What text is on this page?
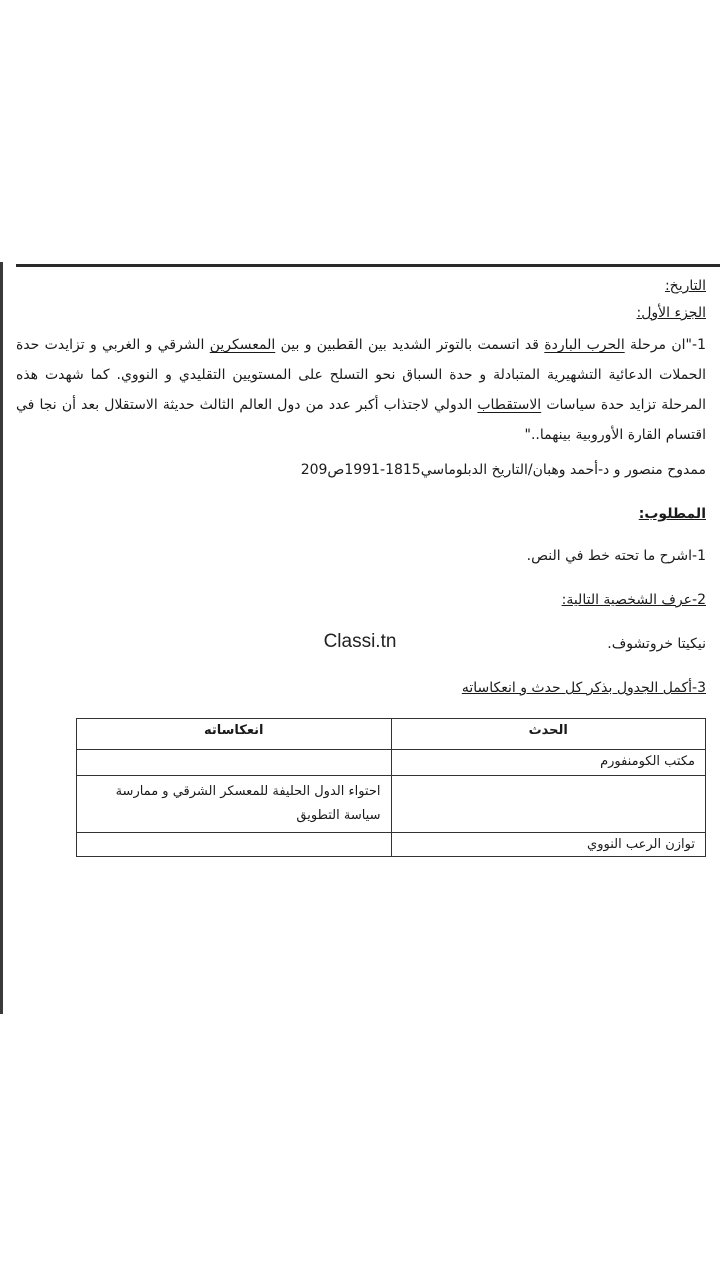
التاريخ:
الجزء الأول:
1-"ان مرحلة الحرب الباردة قد اتسمت بالتوتر الشديد بين القطبين و بين المعسكرين الشرقي و الغربي و تزايدت حدة الحملات الدعائية التشهيرية المتبادلة و حدة السباق نحو التسلح على المستويين التقليدي و النووي. كما شهدت هذه المرحلة تزايد حدة سياسات الاستقطاب الدولي لاجتذاب أكبر عدد من دول العالم الثالث حديثة الاستقلال بعد أن نجا في اقتسام القارة الأوروبية بينهما.."
ممدوح منصور و د-أحمد وهبان/التاريخ الدبلوماسي1815-1991ص209
المطلوب:
1-اشرح ما تحته خط في النص.
2-عرف الشخصية التالية:
نيكيتا خروتشوف.
3-أكمل الجدول بذكر كل حدث و انعكاساته
Classi.tn
الحدث	انعكاساته
مكتب الكومنفورم	
	احتواء الدول الحليفة للمعسكر الشرقي و ممارسة سياسة التطويق
توازن الرعب النووي	
